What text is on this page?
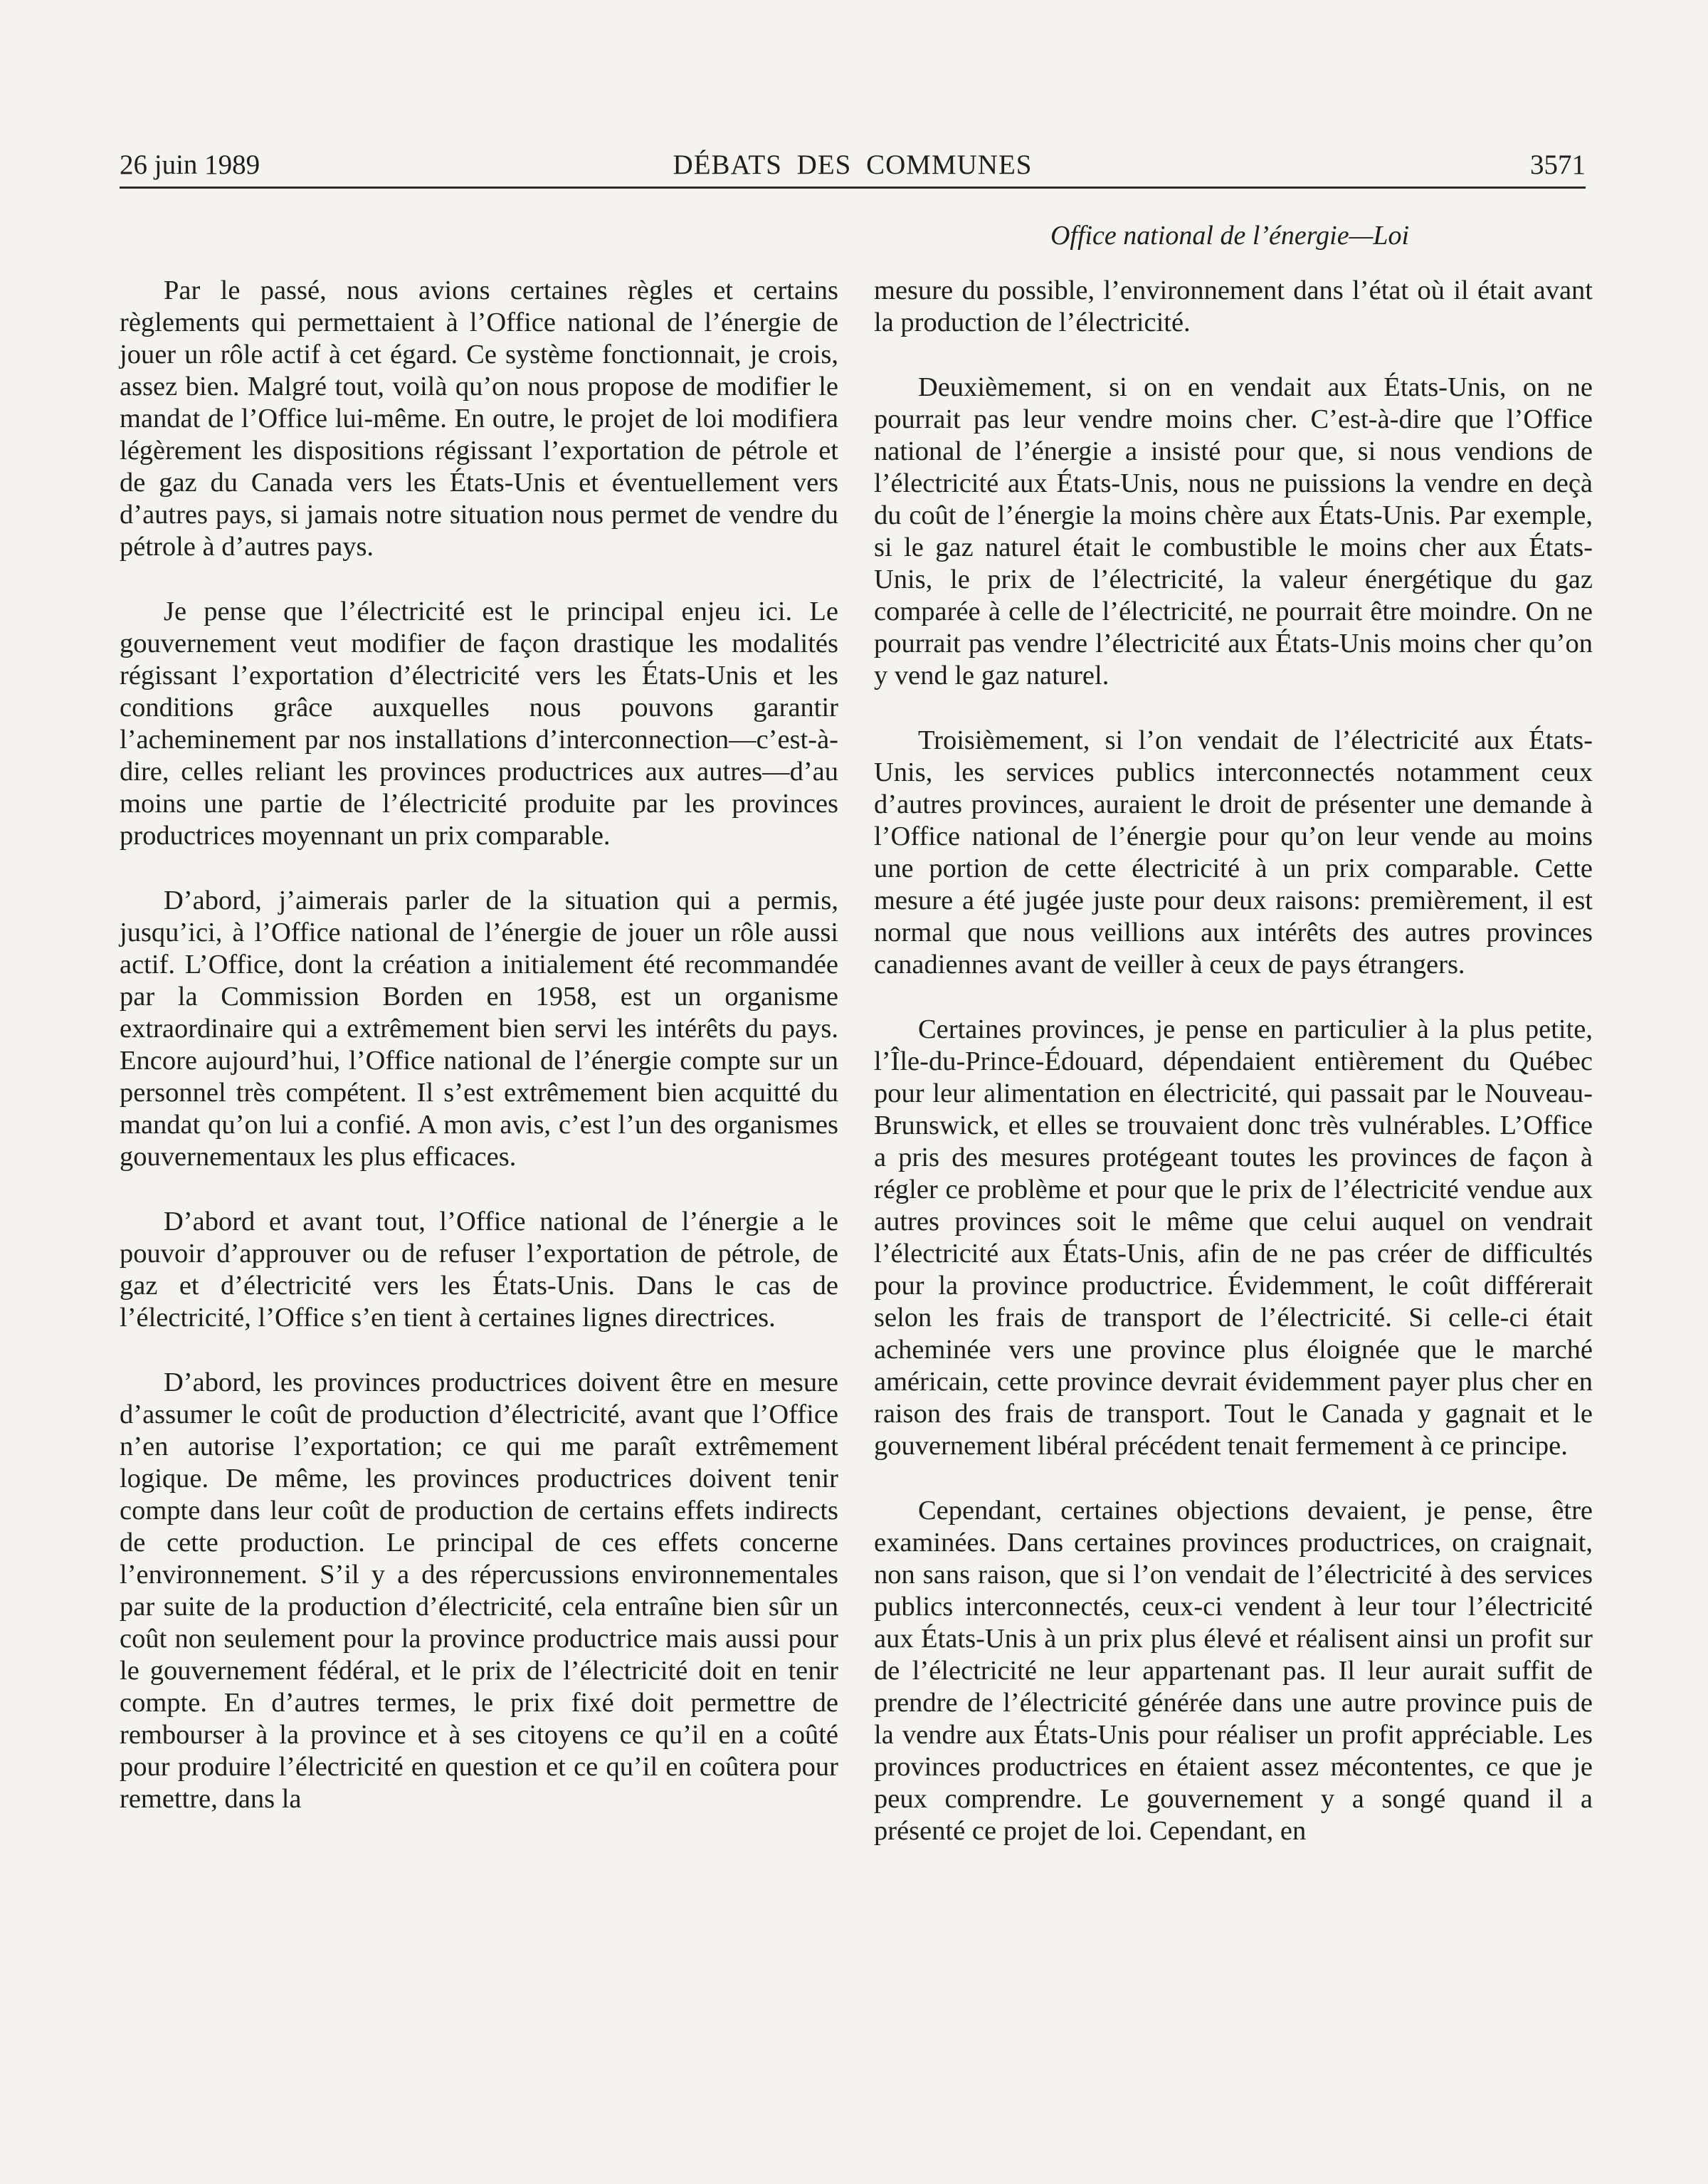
26 juin 1989	DÉBATS DES COMMUNES	3571
Office national de l’énergie—Loi

Par le passé, nous avions certaines règles et certains règlements qui permettaient à l’Office national de l’énergie de jouer un rôle actif à cet égard. Ce système fonctionnait, je crois, assez bien. Malgré tout, voilà qu’on nous propose de modifier le mandat de l’Office lui-même. En outre, le projet de loi modifiera légèrement les dispositions régissant l’exportation de pétrole et de gaz du Canada vers les États-Unis et éventuellement vers d’autres pays, si jamais notre situation nous permet de vendre du pétrole à d’autres pays.

Je pense que l’électricité est le principal enjeu ici. Le gouvernement veut modifier de façon drastique les modalités régissant l’exportation d’électricité vers les États-Unis et les conditions grâce auxquelles nous pouvons garantir l’acheminement par nos installations d’interconnection—c’est-à-dire, celles reliant les provinces productrices aux autres—d’au moins une partie de l’électricité produite par les provinces productrices moyennant un prix comparable.

D’abord, j’aimerais parler de la situation qui a permis, jusqu’ici, à l’Office national de l’énergie de jouer un rôle aussi actif. L’Office, dont la création a initialement été recommandée par la Commission Borden en 1958, est un organisme extraordinaire qui a extrêmement bien servi les intérêts du pays. Encore aujourd’hui, l’Office national de l’énergie compte sur un personnel très compétent. Il s’est extrêmement bien acquitté du mandat qu’on lui a confié. A mon avis, c’est l’un des organismes gouvernementaux les plus efficaces.

D’abord et avant tout, l’Office national de l’énergie a le pouvoir d’approuver ou de refuser l’exportation de pétrole, de gaz et d’électricité vers les États-Unis. Dans le cas de l’électricité, l’Office s’en tient à certaines lignes directrices.

D’abord, les provinces productrices doivent être en mesure d’assumer le coût de production d’électricité, avant que l’Office n’en autorise l’exportation; ce qui me paraît extrêmement logique. De même, les provinces productrices doivent tenir compte dans leur coût de production de certains effets indirects de cette production. Le principal de ces effets concerne l’environnement. S’il y a des répercussions environnementales par suite de la production d’électricité, cela entraîne bien sûr un coût non seulement pour la province productrice mais aussi pour le gouvernement fédéral, et le prix de l’électricité doit en tenir compte. En d’autres termes, le prix fixé doit permettre de rembourser à la province et à ses citoyens ce qu’il en a coûté pour produire l’électricité en question et ce qu’il en coûtera pour remettre, dans la

mesure du possible, l’environnement dans l’état où il était avant la production de l’électricité.

Deuxièmement, si on en vendait aux États-Unis, on ne pourrait pas leur vendre moins cher. C’est-à-dire que l’Office national de l’énergie a insisté pour que, si nous vendions de l’électricité aux États-Unis, nous ne puissions la vendre en deçà du coût de l’énergie la moins chère aux États-Unis. Par exemple, si le gaz naturel était le combustible le moins cher aux États-Unis, le prix de l’électricité, la valeur énergétique du gaz comparée à celle de l’électricité, ne pourrait être moindre. On ne pourrait pas vendre l’électricité aux États-Unis moins cher qu’on y vend le gaz naturel.

Troisièmement, si l’on vendait de l’électricité aux États-Unis, les services publics interconnectés notamment ceux d’autres provinces, auraient le droit de présenter une demande à l’Office national de l’énergie pour qu’on leur vende au moins une portion de cette électricité à un prix comparable. Cette mesure a été jugée juste pour deux raisons: premièrement, il est normal que nous veillions aux intérêts des autres provinces canadiennes avant de veiller à ceux de pays étrangers.

Certaines provinces, je pense en particulier à la plus petite, l’Île-du-Prince-Édouard, dépendaient entièrement du Québec pour leur alimentation en électricité, qui passait par le Nouveau-Brunswick, et elles se trouvaient donc très vulnérables. L’Office a pris des mesures protégeant toutes les provinces de façon à régler ce problème et pour que le prix de l’électricité vendue aux autres provinces soit le même que celui auquel on vendrait l’électricité aux États-Unis, afin de ne pas créer de difficultés pour la province productrice. Évidemment, le coût différerait selon les frais de transport de l’électricité. Si celle-ci était acheminée vers une province plus éloignée que le marché américain, cette province devrait évidemment payer plus cher en raison des frais de transport. Tout le Canada y gagnait et le gouvernement libéral précédent tenait fermement à ce principe.

Cependant, certaines objections devaient, je pense, être examinées. Dans certaines provinces productrices, on craignait, non sans raison, que si l’on vendait de l’électricité à des services publics interconnectés, ceux-ci vendent à leur tour l’électricité aux États-Unis à un prix plus élevé et réalisent ainsi un profit sur de l’électricité ne leur appartenant pas. Il leur aurait suffit de prendre de l’électricité générée dans une autre province puis de la vendre aux États-Unis pour réaliser un profit appréciable. Les provinces productrices en étaient assez mécontentes, ce que je peux comprendre. Le gouvernement y a songé quand il a présenté ce projet de loi. Cependant, en
